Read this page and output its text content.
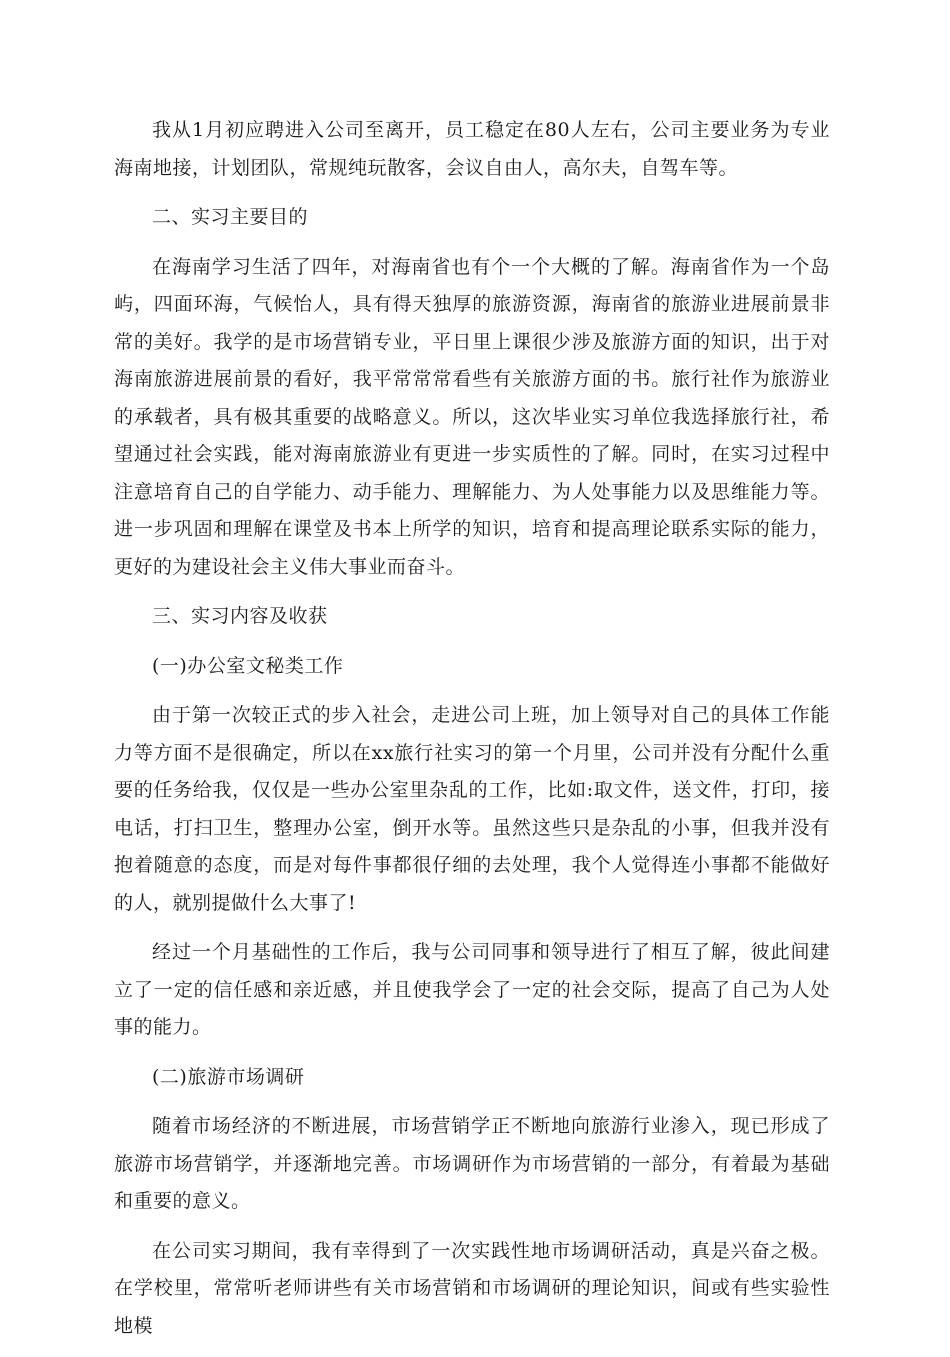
我从1月初应聘进入公司至离开，员工稳定在80人左右，公司主要业务为专业海南地接，计划团队，常规纯玩散客，会议自由人，高尔夫，自驾车等。

二、实习主要目的

在海南学习生活了四年，对海南省也有个一个大概的了解。海南省作为一个岛屿，四面环海，气候怡人，具有得天独厚的旅游资源，海南省的旅游业进展前景非常的美好。我学的是市场营销专业，平日里上课很少涉及旅游方面的知识，出于对海南旅游进展前景的看好，我平常常常看些有关旅游方面的书。旅行社作为旅游业的承载者，具有极其重要的战略意义。所以，这次毕业实习单位我选择旅行社，希望通过社会实践，能对海南旅游业有更进一步实质性的了解。同时，在实习过程中注意培育自己的自学能力、动手能力、理解能力、为人处事能力以及思维能力等。进一步巩固和理解在课堂及书本上所学的知识，培育和提高理论联系实际的能力，更好的为建设社会主义伟大事业而奋斗。

三、实习内容及收获

(一)办公室文秘类工作

由于第一次较正式的步入社会，走进公司上班，加上领导对自己的具体工作能力等方面不是很确定，所以在xx旅行社实习的第一个月里，公司并没有分配什么重要的任务给我，仅仅是一些办公室里杂乱的工作，比如:取文件，送文件，打印，接电话，打扫卫生，整理办公室，倒开水等。虽然这些只是杂乱的小事，但我并没有抱着随意的态度，而是对每件事都很仔细的去处理，我个人觉得连小事都不能做好的人，就别提做什么大事了!

经过一个月基础性的工作后，我与公司同事和领导进行了相互了解，彼此间建立了一定的信任感和亲近感，并且使我学会了一定的社会交际，提高了自己为人处事的能力。

(二)旅游市场调研

随着市场经济的不断进展，市场营销学正不断地向旅游行业渗入，现已形成了旅游市场营销学，并逐渐地完善。市场调研作为市场营销的一部分，有着最为基础和重要的意义。

在公司实习期间，我有幸得到了一次实践性地市场调研活动，真是兴奋之极。在学校里，常常听老师讲些有关市场营销和市场调研的理论知识，间或有些实验性地模
